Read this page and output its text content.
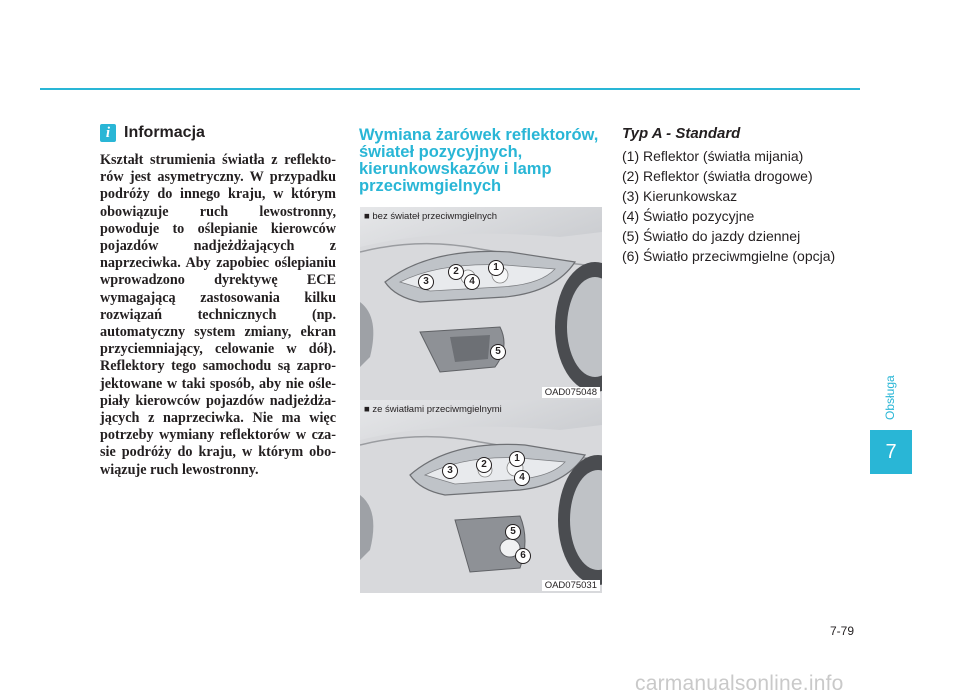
i Informacja
Kształt strumienia światła z reflektorów jest asymetryczny. W przypadku podróży do innego kraju, w którym obowiązuje ruch lewostronny, powoduje to oślepianie kierowców pojazdów nadjeżdżających z naprzeciwka. Aby zapobiec oślepianiu wprowadzono dyrektywę ECE wymagającą zastosowania kilku rozwiązań technicznych (np. automatyczny system zmiany, ekran przyciemniający, celowanie w dół). Reflektory tego samochodu są zaprojektowane w taki sposób, aby nie oślepiały kierowców pojazdów nadjeżdżających z naprzeciwka. Nie ma więc potrzeby wymiany reflektorów w czasie podróży do kraju, w którym obowiązuje ruch lewostronny.
Wymiana żarówek reflektorów, świateł pozycyjnych, kierunkowskazów i lamp przeciwmgielnych
■ bez świateł przeciwmgielnych
1
2
3	4
5
OAD075048
■ ze światłami przeciwmgielnymi
1
2
3
4
5
6
OAD075031
Typ A - Standard
(1) Reflektor (światła mijania)
(2) Reflektor (światła drogowe)
(3) Kierunkowskaz
(4) Światło pozycyjne
(5) Światło do jazdy dziennej
(6) Światło przeciwmgielne (opcja)
Obsługa
7
7-79
carmanualsonline.info
